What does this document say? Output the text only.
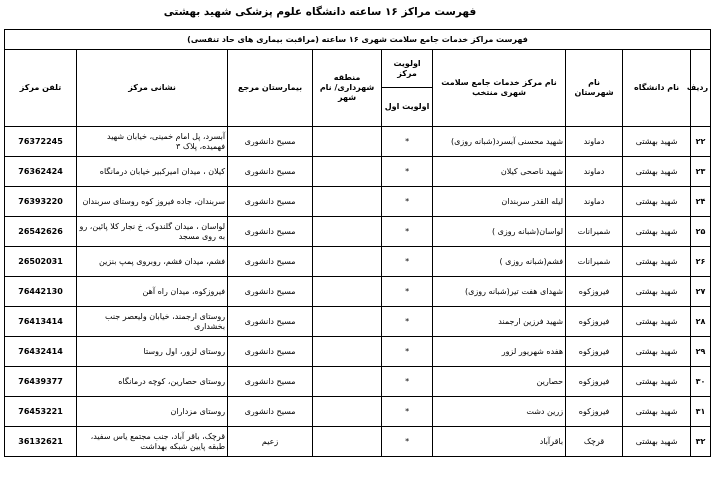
فهرست مراکز ۱۶ ساعته دانشگاه علوم پزشکی شهید بهشتی
فهرست مراکز خدمات جامع سلامت شهری ۱۶ ساعته (مراقبت بیماری های حاد تنفسی)								
ردیف	نام دانشگاه	نام شهرستان	نام مرکز خدمات جامع سلامت شهری منتخب	اولویت مرکز	منطقه شهرداری/ نام شهر	بیمارستان مرجع	نشانی مرکز	تلفن مرکز
				اولویت اول				
۲۲	شهید بهشتی	دماوند	شهید محسنی آبسرد(شبانه روزی)	*		مسیح دانشوری	آبسرد، پل امام خمینی، خیابان شهید فهمیده، پلاک ۳	76372245
۲۳	شهید بهشتی	دماوند	شهید ناصحی کیلان	*		مسیح دانشوری	کیلان ، میدان امیرکبیر خیابان درمانگاه	76362424
۲۴	شهید بهشتی	دماوند	لیله القدر سربندان	*		مسیح دانشوری	سربندان، جاده فیروز کوه روستای سربندان	76393220
۲۵	شهید بهشتی	شمیرانات	لواسان(شبانه روزی )	*		مسیح دانشوری	لواسان ، میدان گلندوک، خ نجار کلا پائین، رو به روی مسجد	26542626
۲۶	شهید بهشتی	شمیرانات	فشم(شبانه روزی )	*		مسیح دانشوری	فشم، میدان فشم، روبروی پمپ بنزین	26502031
۲۷	شهید بهشتی	فیروزکوه	شهدای هفت تیر(شبانه روزی)	*		مسیح دانشوری	فیروزکوه، میدان راه آهن	76442130
۲۸	شهید بهشتی	فیروزکوه	شهید فرزین ارجمند	*		مسیح دانشوری	روستای ارجمند، خیابان ولیعصر جنب بخشداری	76413414
۲۹	شهید بهشتی	فیروزکوه	هفده شهریور لزور	*		مسیح دانشوری	روستای لزور، اول روستا	76432414
۳۰	شهید بهشتی	فیروزکوه	حصارین	*		مسیح دانشوری	روستای حصارین، کوچه درمانگاه	76439377
۳۱	شهید بهشتی	فیروزکوه	زرین دشت	*		مسیح دانشوری	روستای مزداران	76453221
۳۲	شهید بهشتی	قرچک	باقرآباد	*		زعیم	قرچک، باقر آباد، جنب مجتمع یاس سفید، طبقه پایین شبکه بهداشت	36132621
